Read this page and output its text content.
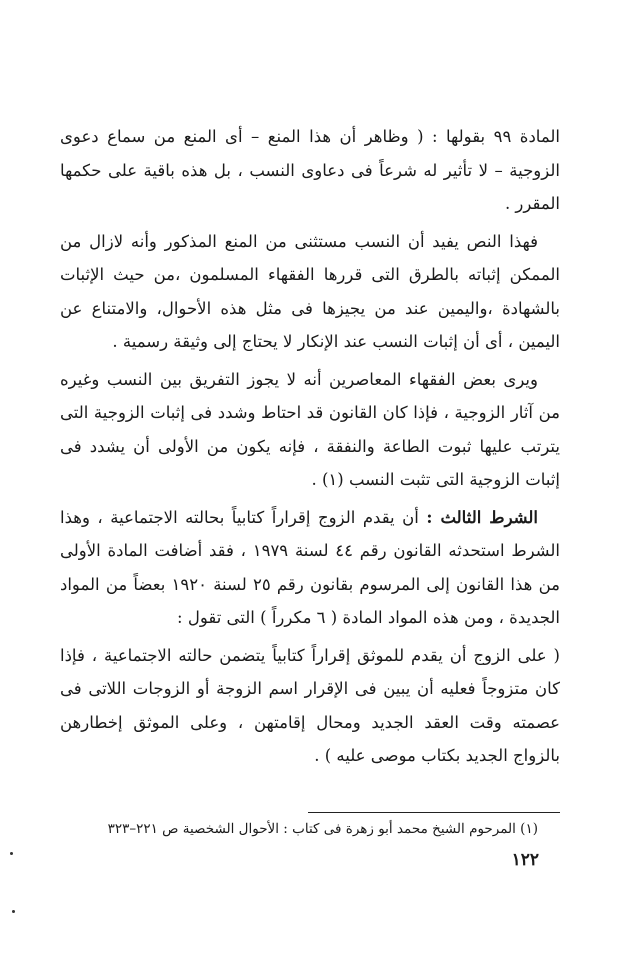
المادة ٩٩ بقولها : ( وظاهر أن هذا المنع – أى المنع من سماع دعوى الزوجية – لا تأثير له شرعاً فى دعاوى النسب ، بل هذه باقية على حكمها المقرر .

فهذا النص يفيد أن النسب مستثنى من المنع المذكور وأنه لازال من الممكن إثباته بالطرق التى قررها الفقهاء المسلمون ،من حيث الإثبات بالشهادة ،واليمين عند من يجيزها فى مثل هذه الأحوال، والامتناع عن اليمين ، أى أن إثبات النسب عند الإنكار لا يحتاج إلى وثيقة رسمية .

ويرى بعض الفقهاء المعاصرين أنه لا يجوز التفريق بين النسب وغيره من آثار الزوجية ، فإذا كان القانون قد احتاط وشدد فى إثبات الزوجية التى يترتب عليها ثبوت الطاعة والنفقة ، فإنه يكون من الأولى أن يشدد فى إثبات الزوجية التى تثبت النسب (١) .

الشرط الثالث : أن يقدم الزوج إقراراً كتابياً بحالته الاجتماعية ، وهذا الشرط استحدثه القانون رقم ٤٤ لسنة ١٩٧٩ ، فقد أضافت المادة الأولى من هذا القانون إلى المرسوم بقانون رقم ٢٥ لسنة ١٩٢٠ بعضاً من المواد الجديدة ، ومن هذه المواد المادة ( ٦ مكرراً ) التى تقول :

( على الزوج أن يقدم للموثق إقراراً كتابياً يتضمن حالته الاجتماعية ، فإذا كان متزوجاً فعليه أن يبين فى الإقرار اسم الزوجة أو الزوجات اللاتى فى عصمته وقت العقد الجديد ومحال إقامتهن ، وعلى الموثق إخطارهن بالزواج الجديد بكتاب موصى عليه ) .

(١) المرحوم الشيخ محمد أبو زهرة فى كتاب : الأحوال الشخصية ص ٢٢١–٣٢٣
١٢٢
